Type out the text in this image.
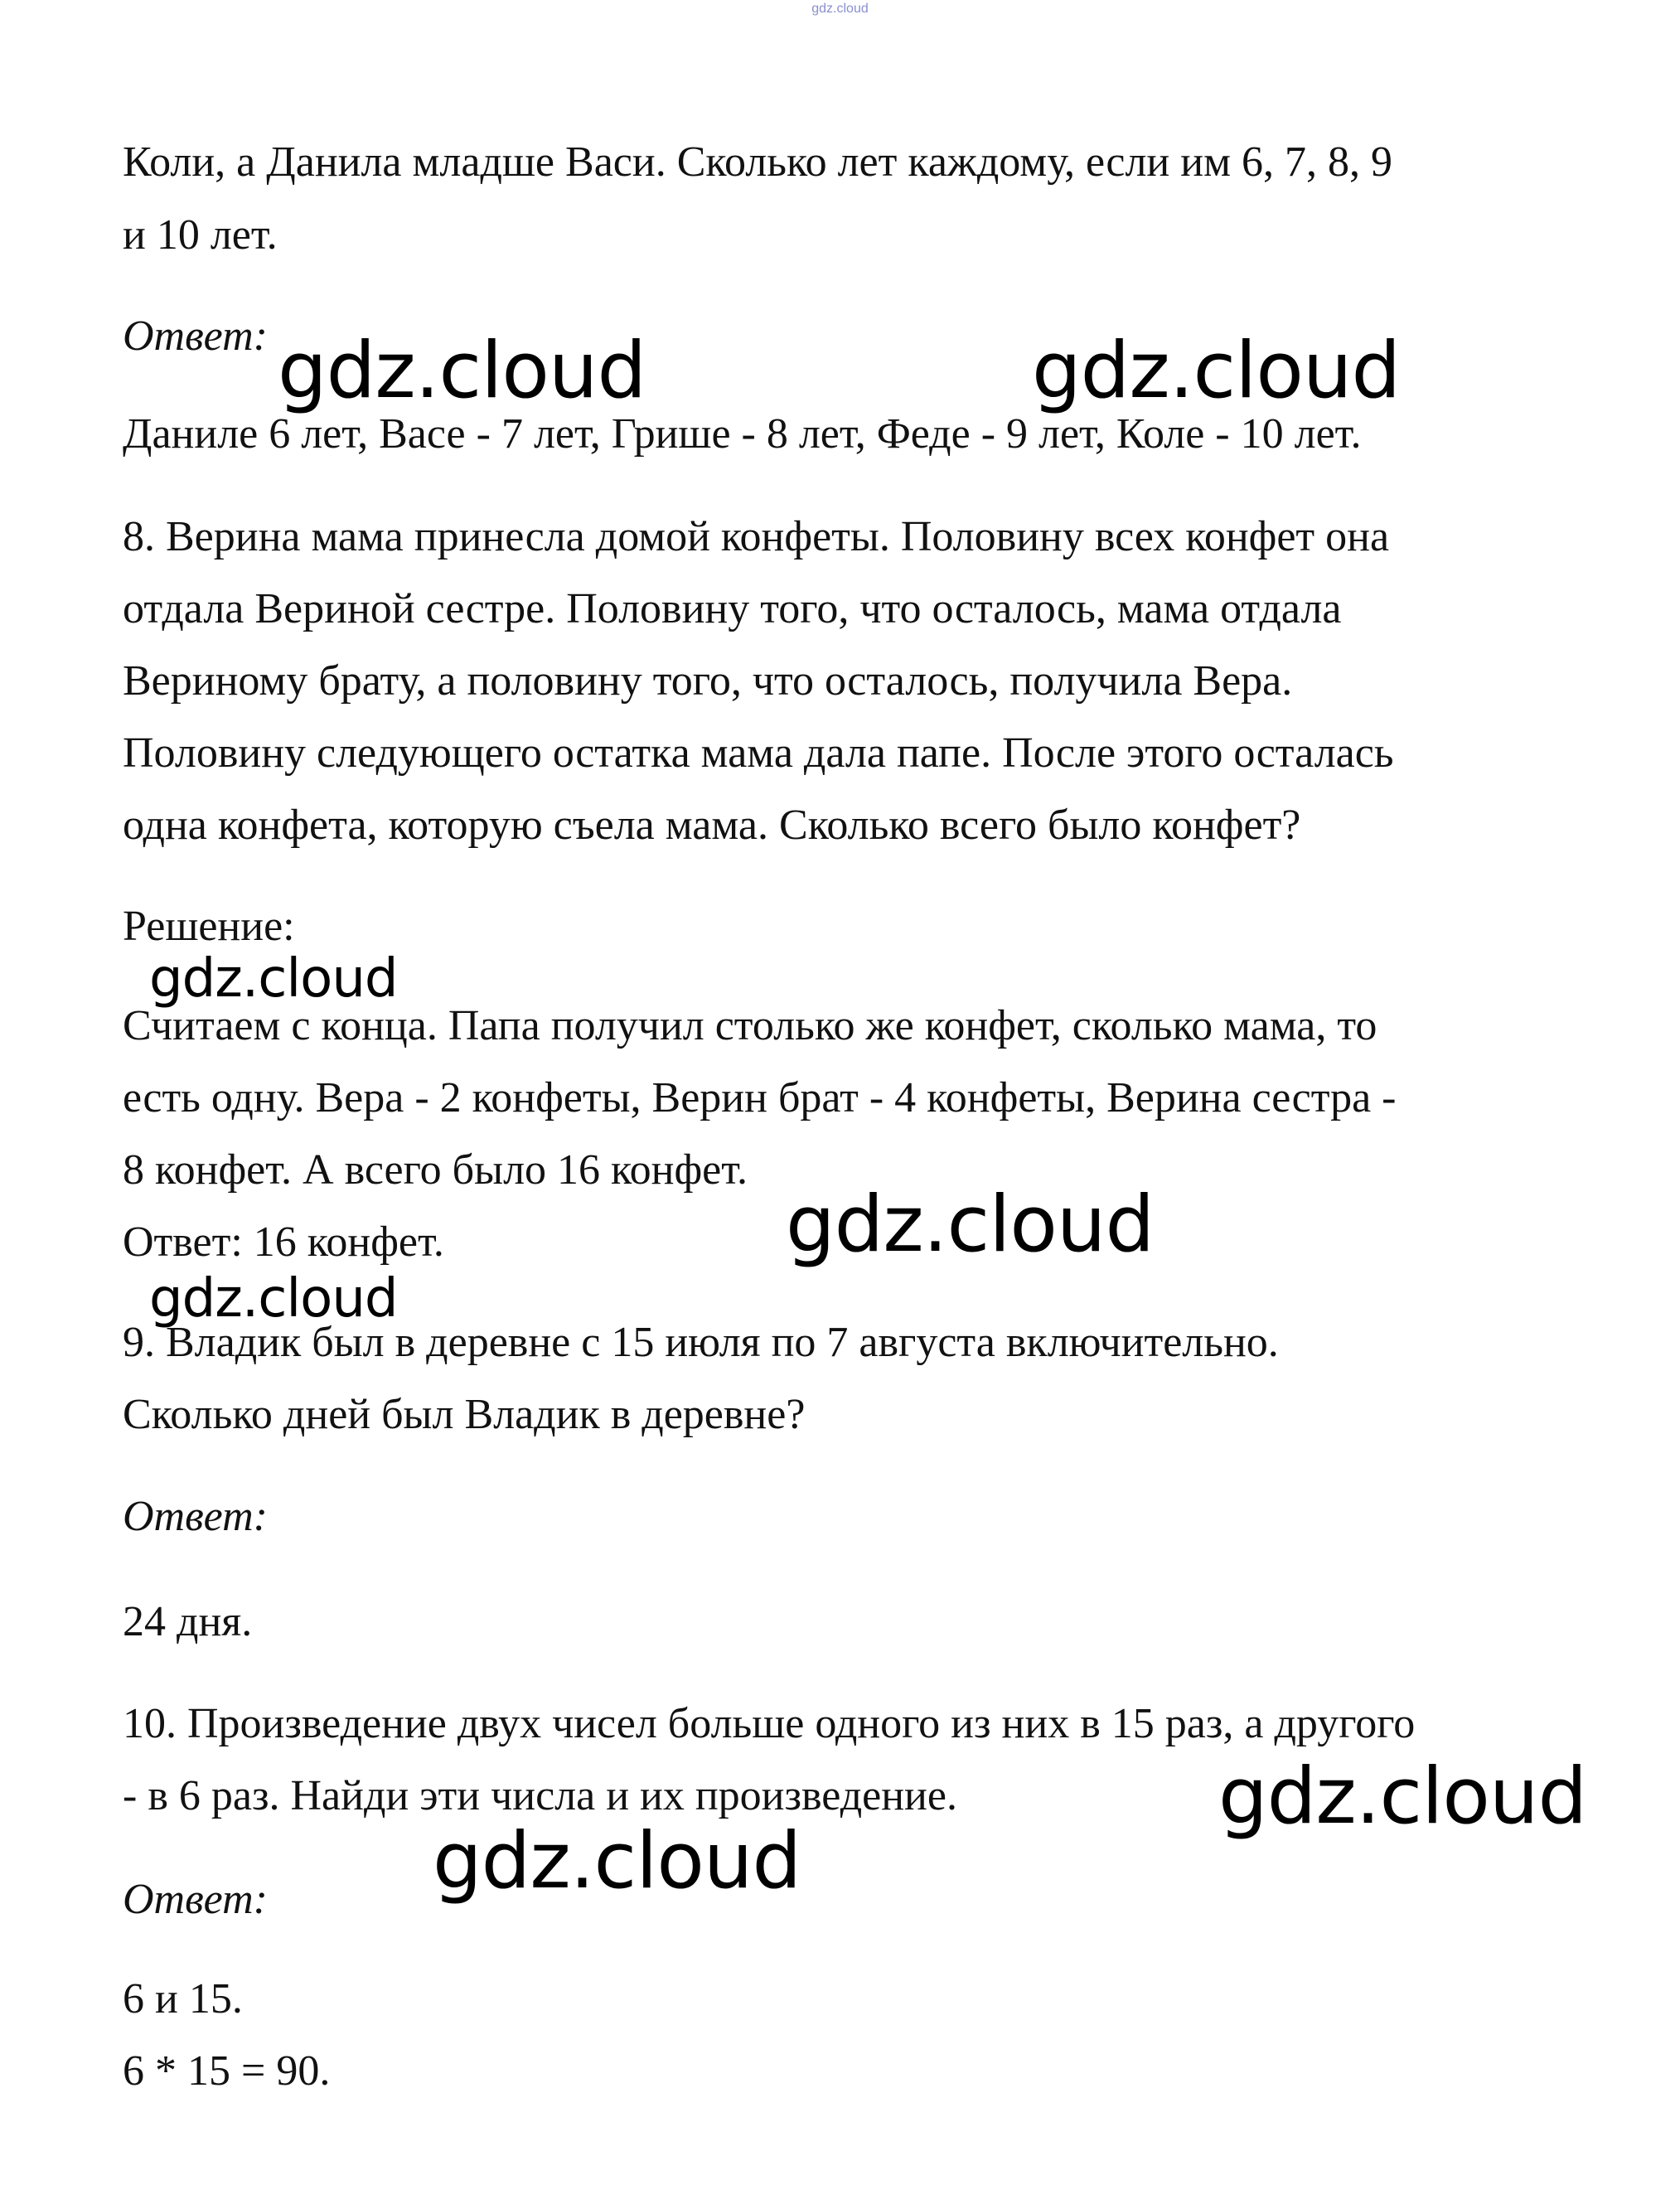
gdz.cloud

Коли, а Данила младше Васи. Сколько лет каждому, если им 6, 7, 8, 9

и 10 лет.

Ответ:

Даниле 6 лет, Васе - 7 лет, Грише - 8 лет, Феде - 9 лет, Коле - 10 лет.

8. Верина мама принесла домой конфеты. Половину всех конфет она

отдала Вериной сестре. Половину того, что осталось, мама отдала

Вериному брату, а половину того, что осталось, получила Вера.

Половину следующего остатка мама дала папе. После этого осталась

одна конфета, которую съела мама. Сколько всего было конфет?

Решение:

Считаем с конца. Папа получил столько же конфет, сколько мама, то

есть одну. Вера - 2 конфеты, Верин брат - 4 конфеты, Верина сестра -

8 конфет. А всего было 16 конфет.

Ответ: 16 конфет.

9. Владик был в деревне с 15 июля по 7 августа включительно.

Сколько дней был Владик в деревне?

Ответ:

24 дня.

10. Произведение двух чисел больше одного из них в 15 раз, а другого

- в 6 раз. Найди эти числа и их произведение.

Ответ:

6 и 15.

6 * 15 = 90.

gdz.cloud	gdz.cloud
gdz.cloud
gdz.cloud
gdz.cloud
gdz.cloud
gdz.cloud
